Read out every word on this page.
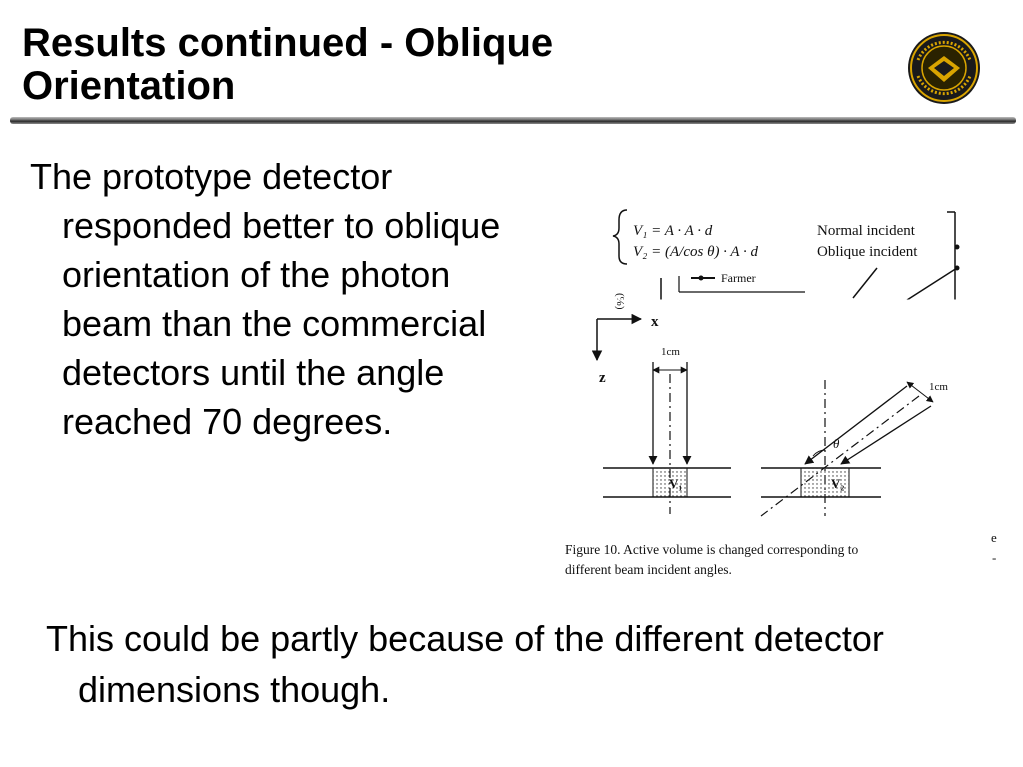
Results continued - Oblique Orientation
The prototype detector responded better to oblique orientation of the photon beam than the commercial detectors until the angle reached 70 degrees.
V₁ = A · A · d	Normal incident
V₂ = (A/cos θ) · A · d	Oblique incident
(%)
Farmer
x
z
1cm
V₁
1cm
θ
V₂
Figure 10. Active volume is changed corresponding to
different beam incident angles.
e
-
This could be partly because of the different detector dimensions though.
